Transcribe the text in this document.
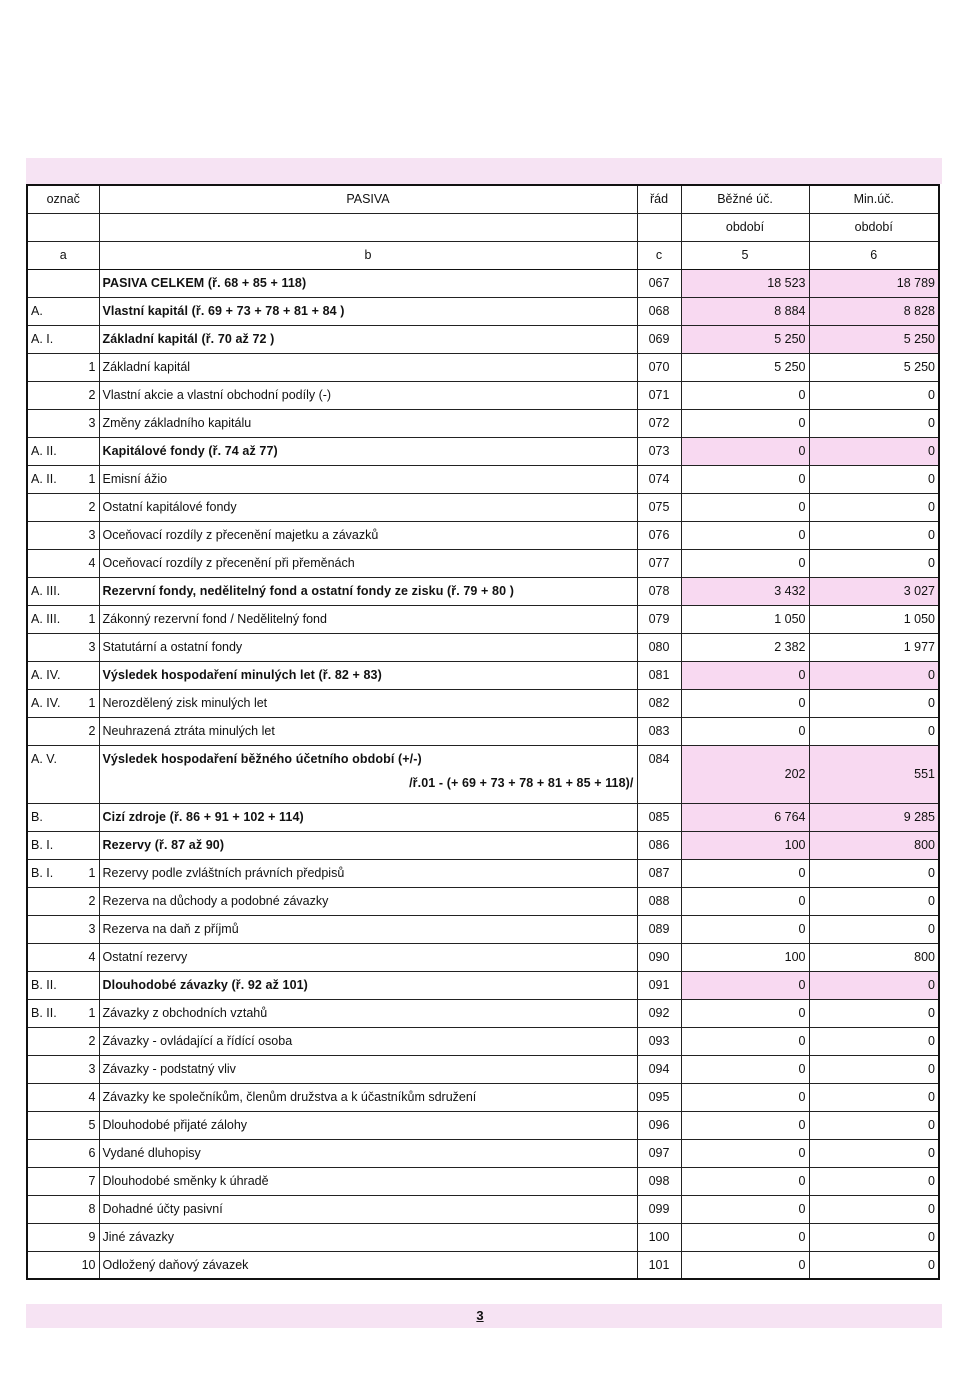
označ	PASIVA	řád	Běžné úč.	Min.úč.
			období	období
a	b	c	5	6

	PASIVA CELKEM (ř. 68 + 85 + 118)	067	18 523	18 789

A.	Vlastní kapitál (ř. 69 + 73 + 78 + 81 + 84 )	068	8 884	8 828

A. I.	Základní kapitál (ř. 70 až 72 )	069	5 250	5 250

1	Základní kapitál	070	5 250	5 250

2	Vlastní akcie a vlastní obchodní podíly (-)	071	0	0

3	Změny základního kapitálu	072	0	0

A. II.	Kapitálové fondy (ř. 74 až 77)	073	0	0

A. II. 1	Emisní ážio	074	0	0

2	Ostatní kapitálové fondy	075	0	0

3	Oceňovací rozdíly z přecenění majetku a závazků	076	0	0

4	Oceňovací rozdíly z přecenění při přeměnách	077	0	0

A. III.	Rezervní fondy, nedělitelný fond a ostatní fondy ze zisku (ř. 79 + 80 )	078	3 432	3 027

A. III. 1	Zákonný rezervní fond / Nedělitelný fond	079	1 050	1 050

3	Statutární a ostatní fondy	080	2 382	1 977

A. IV.	Výsledek hospodaření minulých let (ř. 82 + 83)	081	0	0

A. IV. 1	Nerozdělený zisk minulých let	082	0	0

2	Neuhrazená ztráta minulých let	083	0	0

A. V.	Výsledek hospodaření běžného účetního období (+/-)
/ř.01 - (+ 69 + 73 + 78 + 81 + 85 + 118)/	084	202	551

B.	Cizí zdroje (ř. 86 + 91 + 102 + 114)	085	6 764	9 285

B. I.	Rezervy (ř. 87 až 90)	086	100	800

B. I. 1	Rezervy podle zvláštních právních předpisů	087	0	0

2	Rezerva na důchody a podobné závazky	088	0	0

3	Rezerva na daň z příjmů	089	0	0

4	Ostatní rezervy	090	100	800

B. II.	Dlouhodobé závazky (ř. 92 až 101)	091	0	0

B. II. 1	Závazky z obchodních vztahů	092	0	0

2	Závazky - ovládající a řídící osoba	093	0	0

3	Závazky - podstatný vliv	094	0	0

4	Závazky ke společníkům, členům družstva a k účastníkům sdružení	095	0	0

5	Dlouhodobé přijaté zálohy	096	0	0

6	Vydané dluhopisy	097	0	0

7	Dlouhodobé směnky k úhradě	098	0	0

8	Dohadné účty pasivní	099	0	0

9	Jiné závazky	100	0	0

10	Odložený daňový závazek	101	0	0
3
